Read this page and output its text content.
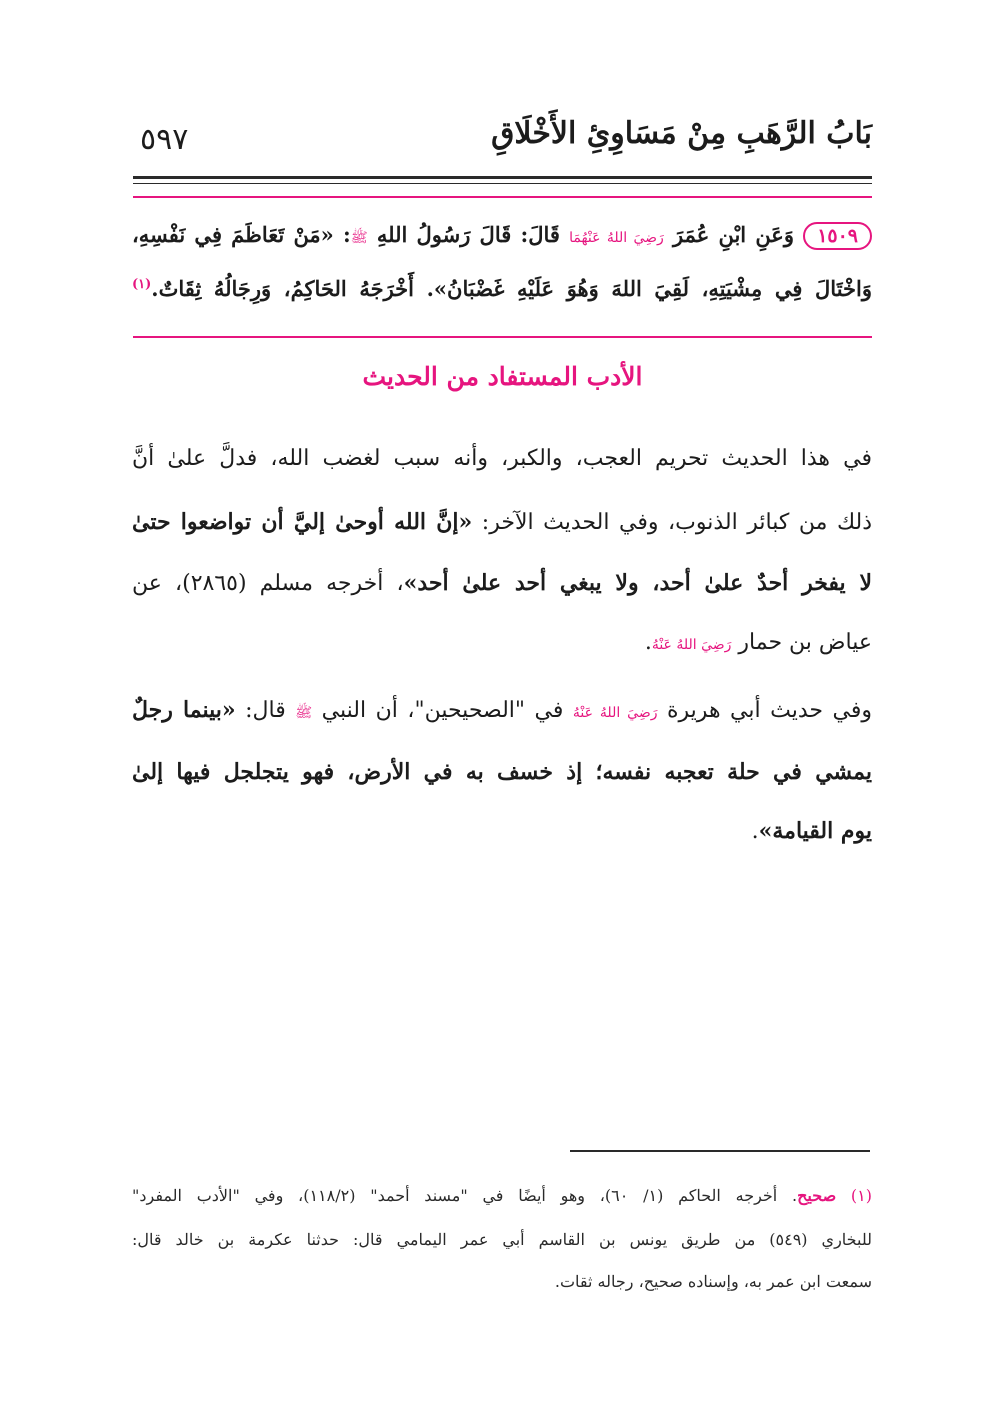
٥٩٧	بَابُ الرَّهَبِ مِنْ مَسَاوِئِ الأَخْلَاقِ
١٥٠٩ وَعَنِ ابْنِ عُمَرَ رَضِيَ اللهُ عَنْهُمَا قَالَ: قَالَ رَسُولُ اللهِ ﷺ: «مَنْ تَعَاظَمَ فِي نَفْسِهِ،
وَاخْتَالَ فِي مِشْيَتِهِ، لَقِيَ اللهَ وَهُوَ عَلَيْهِ غَضْبَانُ». أَخْرَجَهُ الحَاكِمُ، وَرِجَالُهُ ثِقَاتٌ.$^{(١)}$
الأدب المستفاد من الحديث
في هذا الحديث تحريم العجب، والكبر، وأنه سبب لغضب الله، فدلَّ علىٰ أنَّ
ذلك من كبائر الذنوب، وفي الحديث الآخر: «إنَّ الله أوحىٰ إليَّ أن تواضعوا حتىٰ
لا يفخر أحدٌ علىٰ أحد، ولا يبغي أحد علىٰ أحد»، أخرجه مسلم (٢٨٦٥)، عن
عياض بن حمار رَضِيَ اللهُ عَنْهُ.
وفي حديث أبي هريرة رَضِيَ اللهُ عَنْهُ في "الصحيحين"، أن النبي ﷺ قال: «بينما رجلٌ
يمشي في حلة تعجبه نفسه؛ إذ خسف به في الأرض، فهو يتجلجل فيها إلىٰ
يوم القيامة».
(١) صحيح. أخرجه الحاكم (١/ ٦٠)، وهو أيضًا في "مسند أحمد" (١١٨/٢)، وفي "الأدب المفرد"
للبخاري (٥٤٩) من طريق يونس بن القاسم أبي عمر اليمامي قال: حدثنا عكرمة بن خالد قال:
سمعت ابن عمر به، وإسناده صحيح، رجاله ثقات.
